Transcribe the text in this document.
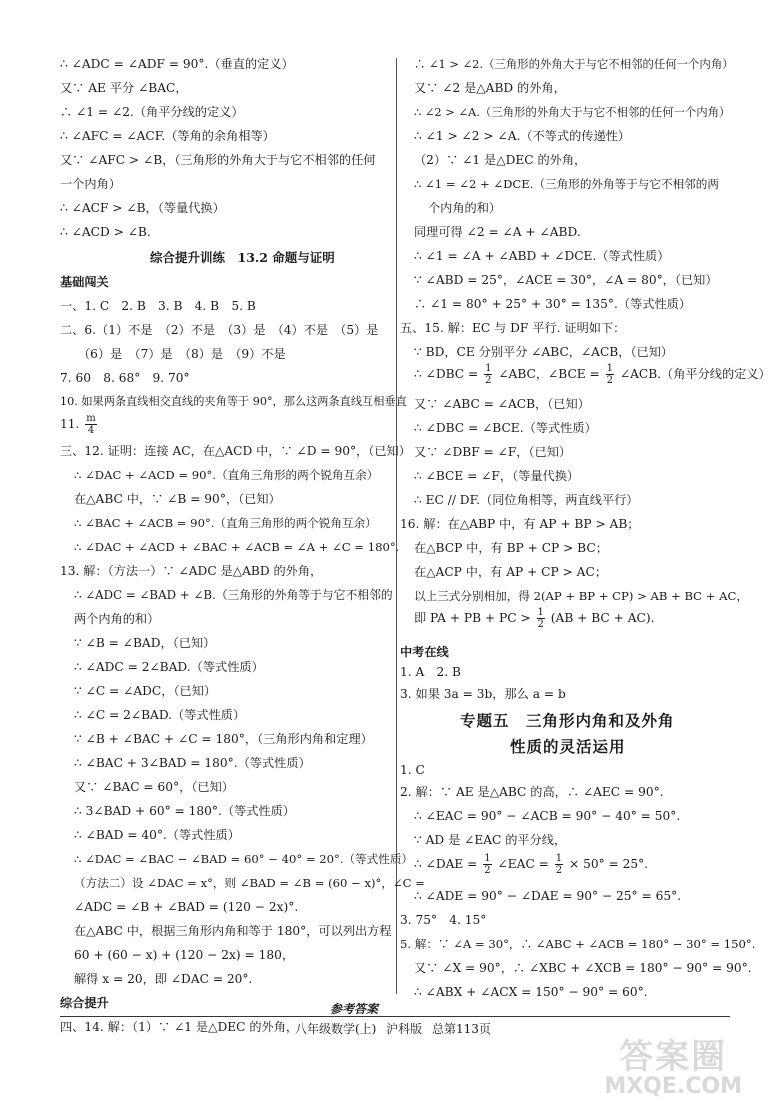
∴ ∠ADC = ∠ADF = 90°.（垂直的定义）
又∵ AE 平分 ∠BAC，
∴ ∠1 = ∠2.（角平分线的定义）
∴ ∠AFC = ∠ACF.（等角的余角相等）
又∵ ∠AFC > ∠B，（三角形的外角大于与它不相邻的任何
一个内角）
∴ ∠ACF > ∠B，（等量代换）
∴ ∠ACD > ∠B.
综合提升训练　13.2 命题与证明
基础闯关
一、1. C　2. B　3. B　4. B　5. B
二、6.（1）不是　（2）不是　（3）是　（4）不是　（5）是
（6）是　（7）是　（8）是　（9）不是
7. 60　8. 68°　9. 70°
10. 如果两条直线相交直线的夹角等于 90°，那么这两条直线互相垂直
11. $\frac{m}{4}$
三、12. 证明：连接 AC，在△ACD 中，∵ ∠D = 90°，（已知）
∴ ∠DAC + ∠ACD = 90°.（直角三角形的两个锐角互余）
在△ABC 中，∵ ∠B = 90°，（已知）
∴ ∠BAC + ∠ACB = 90°.（直角三角形的两个锐角互余）
∴ ∠DAC + ∠ACD + ∠BAC + ∠ACB = ∠A + ∠C = 180°.
13. 解：（方法一）∵ ∠ADC 是△ABD 的外角，
∴ ∠ADC = ∠BAD + ∠B.（三角形的外角等于与它不相邻的
两个内角的和）
∵ ∠B = ∠BAD，（已知）
∴ ∠ADC = 2∠BAD.（等式性质）
∵ ∠C = ∠ADC，（已知）
∴ ∠C = 2∠BAD.（等式性质）
∵ ∠B + ∠BAC + ∠C = 180°，（三角形内角和定理）
∴ ∠BAC + 3∠BAD = 180°.（等式性质）
又∵ ∠BAC = 60°，（已知）
∴ 3∠BAD + 60° = 180°.（等式性质）
∴ ∠BAD = 40°.（等式性质）
∴ ∠DAC = ∠BAC − ∠BAD = 60° − 40° = 20°.（等式性质）
（方法二）设 ∠DAC = x°，则 ∠BAD = ∠B = (60 − x)°，∠C =
∠ADC = ∠B + ∠BAD = (120 − 2x)°.
在△ABC 中，根据三角形内角和等于 180°，可以列出方程
60 + (60 − x) + (120 − 2x) = 180，
解得 x = 20，即 ∠DAC = 20°.
综合提升
四、14. 解：（1）∵ ∠1 是△DEC 的外角，
∴ ∠1 > ∠2.（三角形的外角大于与它不相邻的任何一个内角）
又∵ ∠2 是△ABD 的外角，
∴ ∠2 > ∠A.（三角形的外角大于与它不相邻的任何一个内角）
∴ ∠1 > ∠2 > ∠A.（不等式的传递性）
（2）∵ ∠1 是△DEC 的外角，
∴ ∠1 = ∠2 + ∠DCE.（三角形的外角等于与它不相邻的两
个内角的和）
同理可得 ∠2 = ∠A + ∠ABD.
∴ ∠1 = ∠A + ∠ABD + ∠DCE.（等式性质）
∵ ∠ABD = 25°，∠ACE = 30°，∠A = 80°，（已知）
∴ ∠1 = 80° + 25° + 30° = 135°.（等式性质）
五、15. 解：EC 与 DF 平行. 证明如下：
∵ BD，CE 分别平分 ∠ABC，∠ACB，（已知）
∴ ∠DBC = $\frac{1}{2}$ ∠ABC，∠BCE = $\frac{1}{2}$ ∠ACB.（角平分线的定义）
又∵ ∠ABC = ∠ACB，（已知）
∴ ∠DBC = ∠BCE.（等式性质）
又∵ ∠DBF = ∠F，（已知）
∴ ∠BCE = ∠F，（等量代换）
∴ EC // DF.（同位角相等，两直线平行）
16. 解：在△ABP 中，有 AP + BP > AB；
在△BCP 中，有 BP + CP > BC；
在△ACP 中，有 AP + CP > AC；
以上三式分别相加，得 2(AP + BP + CP) > AB + BC + AC，
即 PA + PB + PC > $\frac{1}{2} (AB$ + BC + AC).
中考在线
1. A　2. B
3. 如果 3a = 3b，那么 a = b
专题五　三角形内角和及外角
性质的灵活运用
1. C
2. 解：∵ AE 是△ABC 的高，∴ ∠AEC = 90°.
∴ ∠EAC = 90° − ∠ACB = 90° − 40° = 50°.
∵ AD 是 ∠EAC 的平分线，
∴ ∠DAE = $\frac{1}{2}$ ∠EAC = $\frac{1}{2} \times 50^\circ = 25^\circ$.
∴ ∠ADE = 90° − ∠DAE = 90° − 25° = 65°.
3. 75°　4. 15°
5. 解：∵ ∠A = 30°，∴ ∠ABC + ∠ACB = 180° − 30° = 150°.
又∵ ∠X = 90°，∴ ∠XBC + ∠XCB = 180° − 90° = 90°.
∴ ∠ABX + ∠ACX = 150° − 90° = 60°.
参考答案
八年级数学(上) 沪科版 总第113页
答案圈
MXQE.COM
